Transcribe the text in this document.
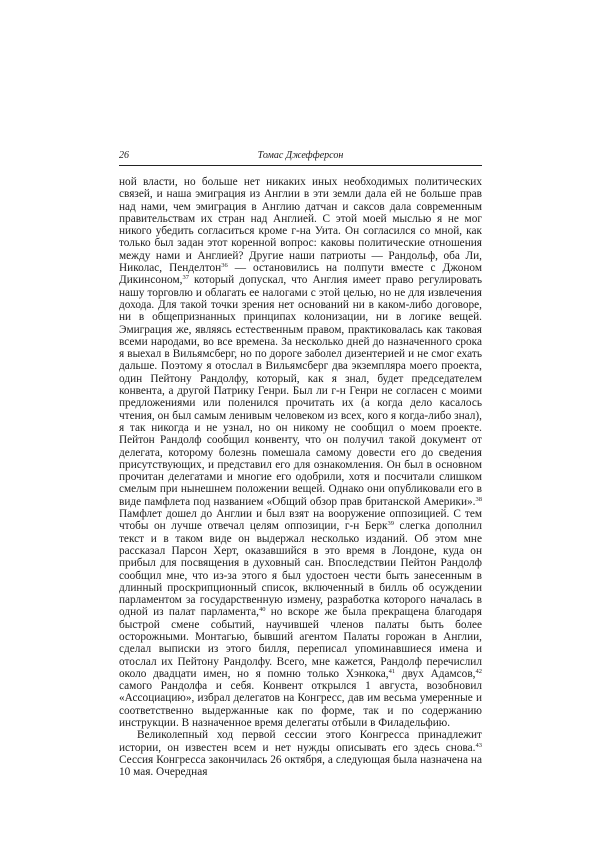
26	Томас Джефферсон

ной власти, но больше нет никаких иных необходимых политических связей, и наша эмиграция из Англии в эти земли дала ей не больше прав над нами, чем эмиграция в Англию датчан и саксов дала современным правительствам их стран над Англией. С этой моей мыслью я не мог никого убедить согласиться кроме г-на Уита. Он согласился со мной, как только был задан этот коренной вопрос: каковы политические отношения между нами и Англией? Другие наши патриоты — Рандольф, оба Ли, Николас, Пенделтон$^{36}$ — остановились на полпути вместе с Джоном Дикинсоном,$^{37}$ который допускал, что Англия имеет право регулировать нашу торговлю и облагать ее налогами с этой целью, но не для извлечения дохода. Для такой точки зрения нет оснований ни в каком-либо договоре, ни в общепризнанных принципах колонизации, ни в логике вещей. Эмиграция же, являясь естественным правом, практиковалась как таковая всеми народами, во все времена. За несколько дней до назначенного срока я выехал в Вильямсберг, но по дороге заболел дизентерией и не смог ехать дальше. Поэтому я отослал в Вильямсберг два экземпляра моего проекта, один Пейтону Рандолфу, который, как я знал, будет председателем конвента, а другой Патрику Генри. Был ли г-н Генри не согласен с моими предложениями или поленился прочитать их (а когда дело касалось чтения, он был самым ленивым человеком из всех, кого я когда-либо знал), я так никогда и не узнал, но он никому не сообщил о моем проекте. Пейтон Рандолф сообщил конвенту, что он получил такой документ от делегата, которому болезнь помешала самому довести его до сведения присутствующих, и представил его для ознакомления. Он был в основном прочитан делегатами и многие его одобрили, хотя и посчитали слишком смелым при нынешнем положении вещей. Однако они опубликовали его в виде памфлета под названием «Общий обзор прав британской Америки».$^{38}$ Памфлет дошел до Англии и был взят на вооружение оппозицией. С тем чтобы он лучше отвечал целям оппозиции, г-н Берк$^{39}$ слегка дополнил текст и в таком виде он выдержал несколько изданий. Об этом мне рассказал Парсон Херт, оказавшийся в это время в Лондоне, куда он прибыл для посвящения в духовный сан. Впоследствии Пейтон Рандолф сообщил мне, что из-за этого я был удостоен чести быть занесенным в длинный проскрипционный список, включенный в билль об осуждении парламентом за государственную измену, разработка которого началась в одной из палат парламента,$^{40}$ но вскоре же была прекращена благодаря быстрой смене событий, научившей членов палаты быть более осторожными. Монтагью, бывший агентом Палаты горожан в Англии, сделал выписки из этого билля, переписал упоминавшиеся имена и отослал их Пейтону Рандолфу. Всего, мне кажется, Рандолф перечислил около двадцати имен, но я помню только Хэнкока,$^{41}$ двух Адамсов,$^{42}$ самого Рандолфа и себя. Конвент открылся 1 августа, возобновил «Ассоциацию», избрал делегатов на Конгресс, дав им весьма умеренные и соответственно выдержанные как по форме, так и по содержанию инструкции. В назначенное время делегаты отбыли в Филадельфию.

Великолепный ход первой сессии этого Конгресса принадлежит истории, он известен всем и нет нужды описывать его здесь снова.$^{43}$ Сессия Конгресса закончилась 26 октября, а следующая была назначена на 10 мая. Очередная
